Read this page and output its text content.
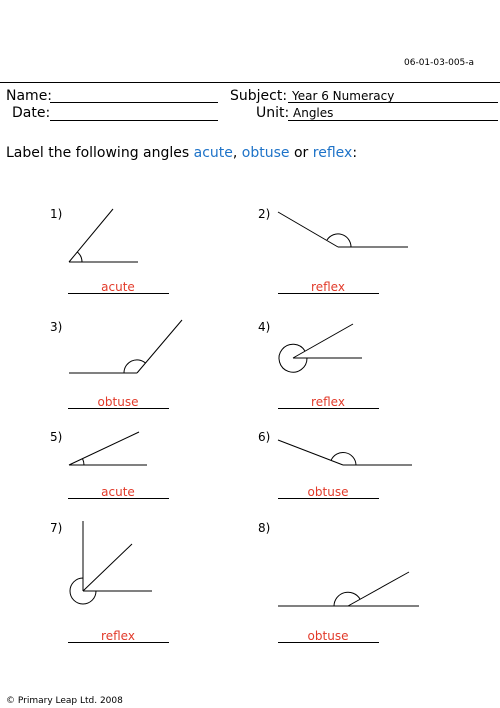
06-01-03-005-a
Name:	Subject: Year 6 Numeracy
Date:	Unit: Angles
Label the following angles acute, obtuse or reflex:
1)	2)
3)	4)
5)	6)
7)	8)
acute	reflex
obtuse	reflex
acute	obtuse
reflex	obtuse
© Primary Leap Ltd. 2008
